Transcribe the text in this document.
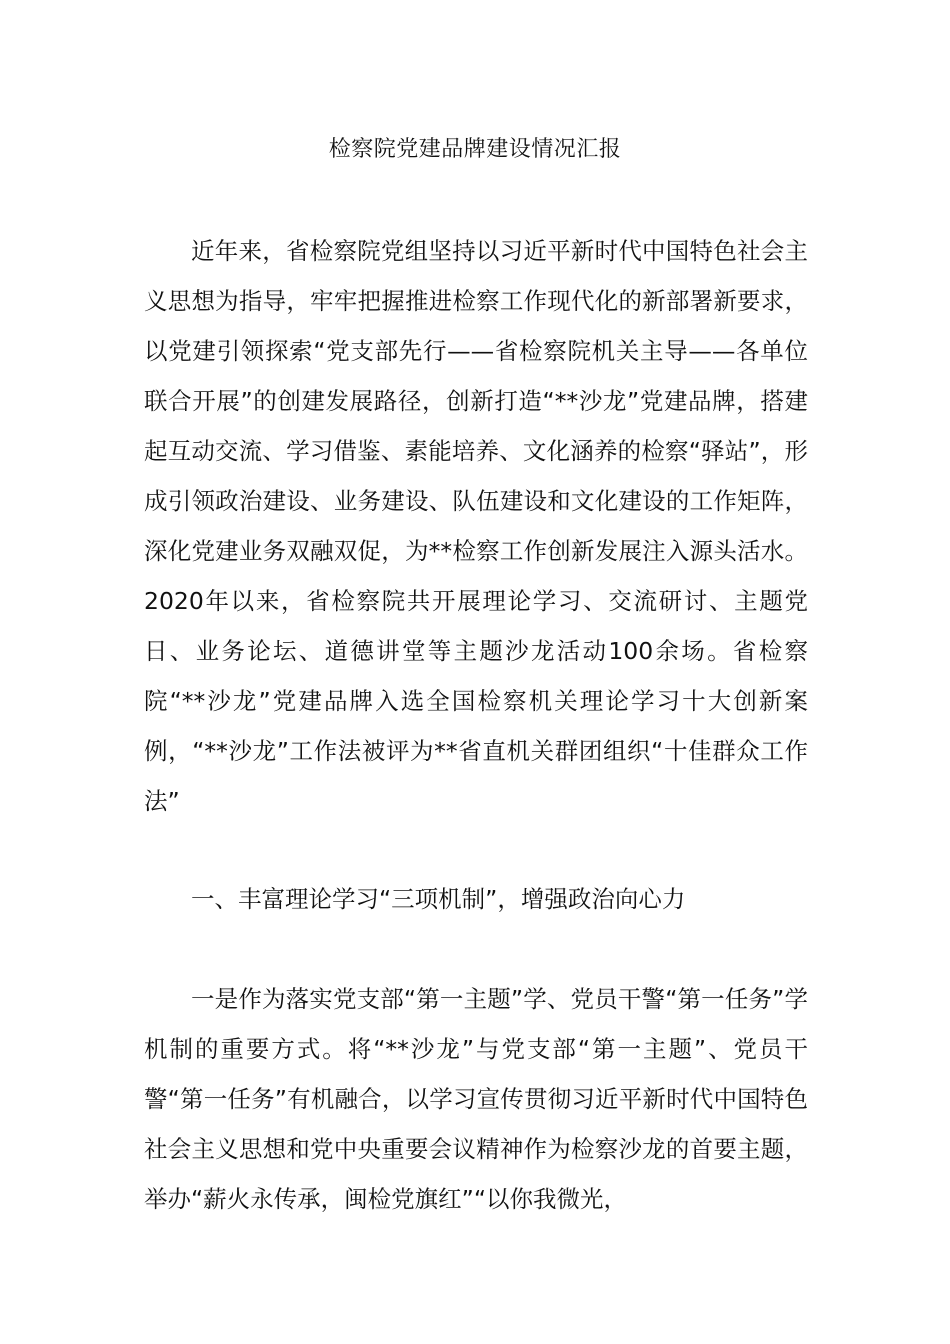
检察院党建品牌建设情况汇报

近年来，省检察院党组坚持以习近平新时代中国特色社会主义思想为指导，牢牢把握推进检察工作现代化的新部署新要求，以党建引领探索“党支部先行——省检察院机关主导——各单位联合开展”的创建发展路径，创新打造“**沙龙”党建品牌，搭建起互动交流、学习借鉴、素能培养、文化涵养的检察“驿站”，形成引领政治建设、业务建设、队伍建设和文化建设的工作矩阵，深化党建业务双融双促，为**检察工作创新发展注入源头活水。2020年以来，省检察院共开展理论学习、交流研讨、主题党日、业务论坛、道德讲堂等主题沙龙活动100余场。省检察院“**沙龙”党建品牌入选全国检察机关理论学习十大创新案例，“**沙龙”工作法被评为**省直机关群团组织“十佳群众工作法”

一、丰富理论学习“三项机制”，增强政治向心力

一是作为落实党支部“第一主题”学、党员干警“第一任务”学机制的重要方式。将“**沙龙”与党支部“第一主题”、党员干警“第一任务”有机融合，以学习宣传贯彻习近平新时代中国特色社会主义思想和党中央重要会议精神作为检察沙龙的首要主题，举办“薪火永传承，闽检党旗红”“以你我微光，
